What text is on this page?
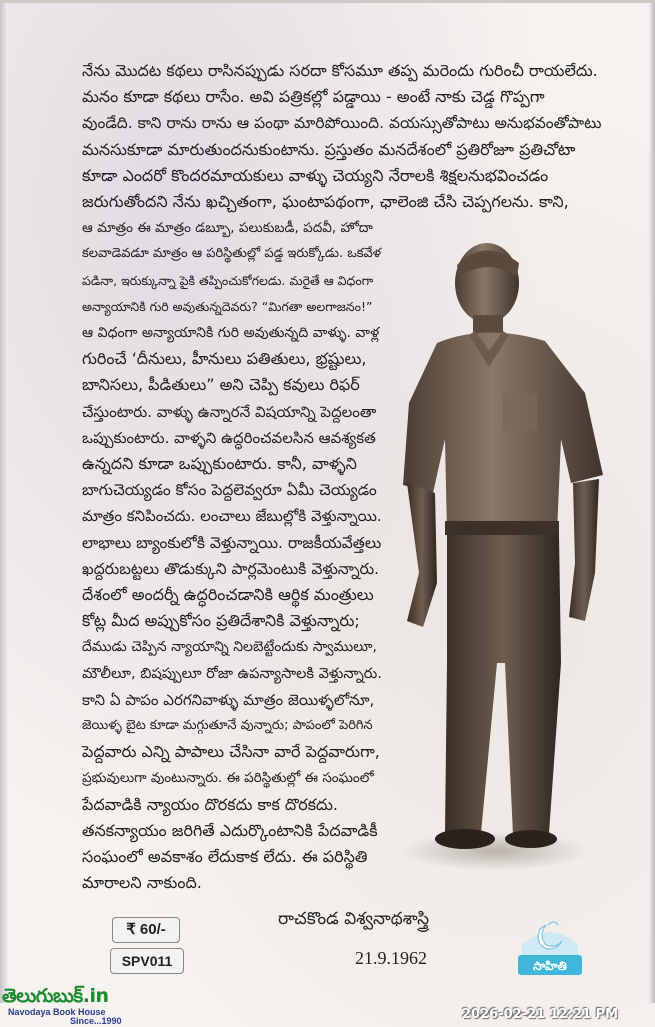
నేను మొదట కథలు రాసినప్పుడు సరదా కోసమూ తప్ప మరెందు గురించీ రాయలేదు.
మనం కూడా కథలు రాసేం. అవి పత్రికల్లో పడ్డాయి - అంటే నాకు చెడ్డ గొప్పగా
వుండేది. కాని రాను రాను ఆ పంథా మారిపోయింది. వయస్సుతోపాటు అనుభవంతోపాటు
మనసుకూడా మారుతుందనుకుంటాను. ప్రస్తుతం మనదేశంలో ప్రతిరోజూ ప్రతిచోటా
కూడా ఎందరో కొందరమాయకులు వాళ్ళు చెయ్యని నేరాలకి శిక్షలనుభవించడం
జరుగుతోందని నేను ఖచ్చితంగా, ఘంటాపథంగా, ఛాలెంజి చేసి చెప్పగలను. కాని,
ఆ మాత్రం ఈ మాత్రం డబ్బూ, పలుకుబడీ, పదవీ, హోదా
కలవాడెవడూ మాత్రం ఆ పరిస్థితుల్లో పడ్డ ఇరుక్కోడు. ఒకవేళ
పడినా, ఇరుక్కున్నా పైకి తప్పించుకోగలడు. మరైతే ఆ విధంగా
అన్యాయానికి గురి అవుతున్నదెవరు? “మిగతా అలగాజనం!”
ఆ విధంగా అన్యాయానికి గురి అవుతున్నది వాళ్ళు. వాళ్ల
గురించే ‘దీనులు, హీనులు పతితులు, భ్రష్టులు,
బానిసలు, పీడితులు” అని చెప్పి కవులు రిఫర్
చేస్తుంటారు. వాళ్ళు ఉన్నారనే విషయాన్ని పెద్దలంతా
ఒప్పుకుంటారు. వాళ్ళని ఉద్ధరించవలసిన ఆవశ్యకత
ఉన్నదని కూడా ఒప్పుకుంటారు. కానీ, వాళ్ళని
బాగుచెయ్యడం కోసం పెద్దలెవ్వరూ ఏమీ చెయ్యడం
మాత్రం కనిపించదు. లంచాలు జేబుల్లోకి వెళ్తున్నాయి.
లాభాలు బ్యాంకులోకి వెళ్తున్నాయి. రాజకీయవేత్తలు
ఖద్దరుబట్టలు తొడుక్కుని పార్లమెంటుకి వెళ్తున్నారు.
దేశంలో అందర్నీ ఉద్ధరించడానికి ఆర్థిక మంత్రులు
కోట్ల మీద అప్పుకోసం ప్రతిదేశానికి వెళ్తున్నారు;
దేముడు చెప్పిన న్యాయాన్ని నిలబెట్టేందుకు స్వాములూ,
మౌలీలూ, బిషప్పులూ రోజా ఉపన్యాసాలకి వెళ్తున్నారు.
కాని ఏ పాపం ఎరగనివాళ్ళు మాత్రం జెయిళ్ళలోనూ,
జెయిళ్ళ బైట కూడా మగ్గుతూనే వున్నారు; పాపంలో పెరిగిన
పెద్దవారు ఎన్ని పాపాలు చేసినా వారే పెద్దవారుగా,
ప్రభువులుగా వుంటున్నారు. ఈ పరిస్థితుల్లో ఈ సంఘంలో
పేదవాడికి న్యాయం దొరకదు కాక దొరకదు.
తనకన్యాయం జరిగితే ఎదుర్కొంటానికి పేదవాడికీ
సంఘంలో అవకాశం లేదుకాక లేదు. ఈ పరిస్థితి
మారాలని నాకుంది.
రాచకొండ విశ్వనాథశాస్త్రి
21.9.1962
₹ 60/-
SPV011	సాహితి
తెలుగుబుక్.in
Navodaya Book House
Since...1990	2026-02-21 12:21 PM
